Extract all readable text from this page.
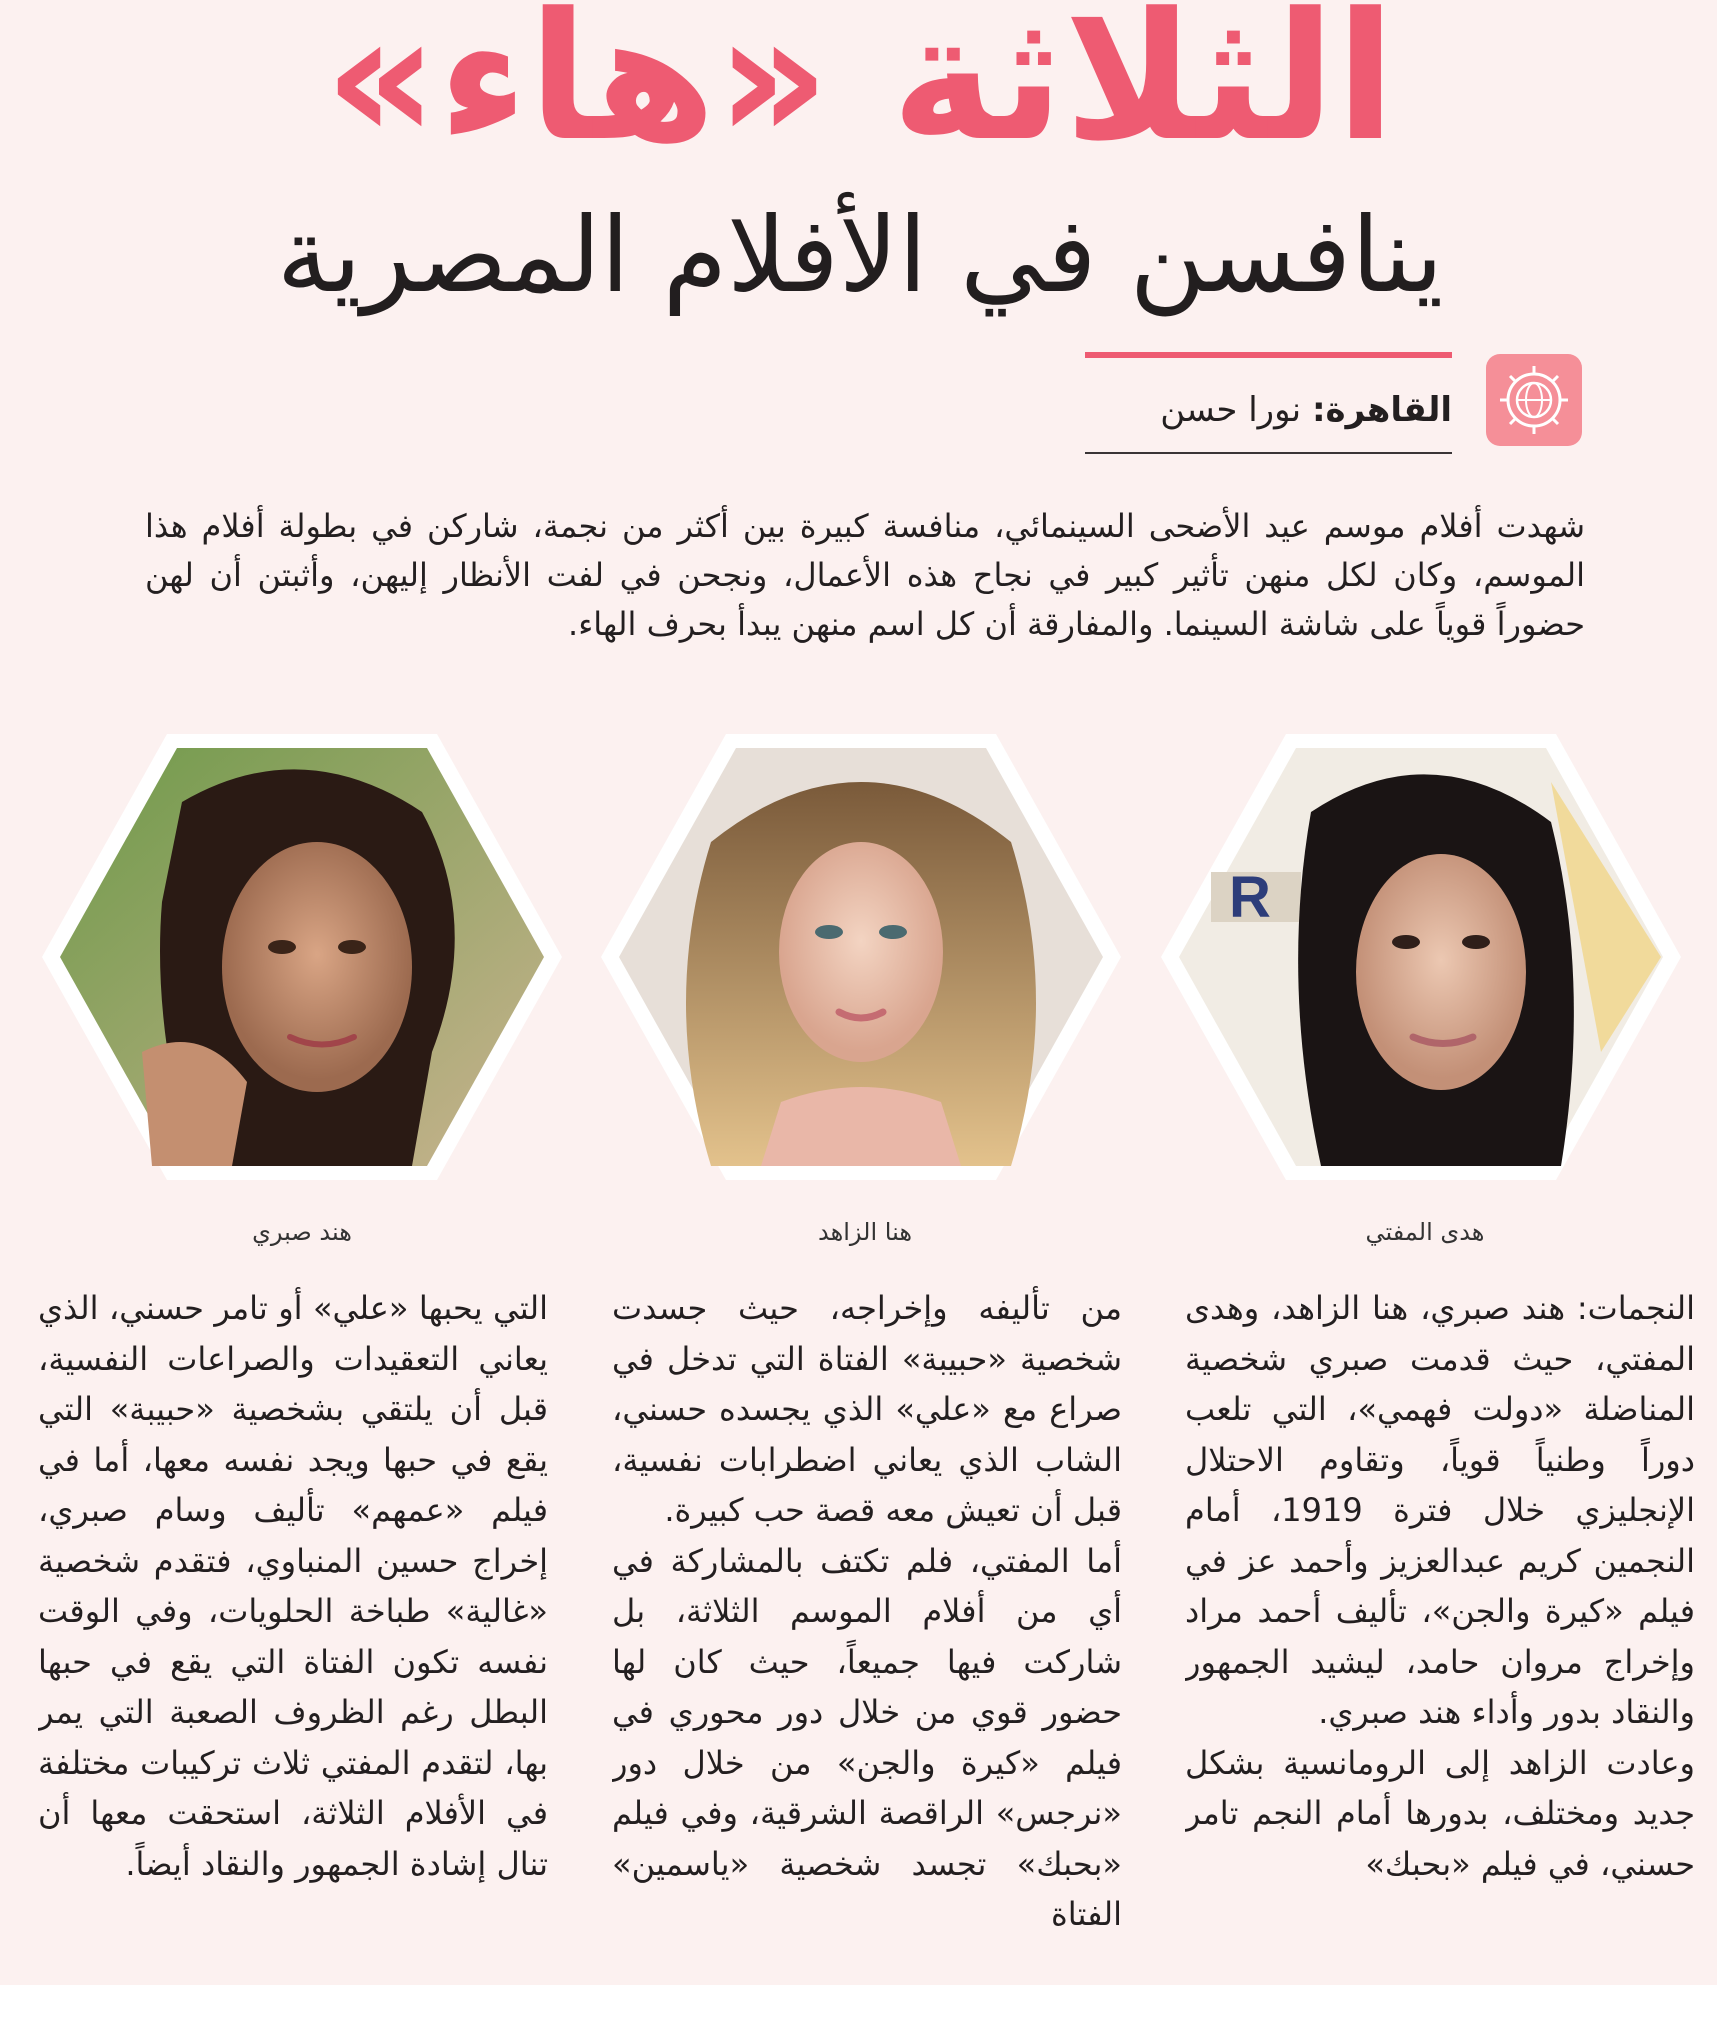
الثلاثة «هاء»
ينافسن في الأفلام المصرية
القاهرة: نورا حسن
شهدت أفلام موسم عيد الأضحى السينمائي، منافسة كبيرة بين أكثر من نجمة، شاركن في بطولة أفلام هذا الموسم، وكان لكل منهن تأثير كبير في نجاح هذه الأعمال، ونجحن في لفت الأنظار إليهن، وأثبتن أن لهن حضوراً قوياً على شاشة السينما. والمفارقة أن كل اسم منهن يبدأ بحرف الهاء.
R
هدى المفتي
هنا الزاهد
هند صبري

النجمات: هند صبري، هنا الزاهد، وهدى المفتي، حيث قدمت صبري شخصية المناضلة «دولت فهمي»، التي تلعب دوراً وطنياً قوياً، وتقاوم الاحتلال الإنجليزي خلال فترة 1919، أمام النجمين كريم عبدالعزيز وأحمد عز في فيلم «كيرة والجن»، تأليف أحمد مراد وإخراج مروان حامد، ليشيد الجمهور والنقاد بدور وأداء هند صبري.

وعادت الزاهد إلى الرومانسية بشكل جديد ومختلف، بدورها أمام النجم تامر حسني، في فيلم «بحبك»

من تأليفه وإخراجه، حيث جسدت شخصية «حبيبة» الفتاة التي تدخل في صراع مع «علي» الذي يجسده حسني، الشاب الذي يعاني اضطرابات نفسية، قبل أن تعيش معه قصة حب كبيرة.

أما المفتي، فلم تكتف بالمشاركة في أي من أفلام الموسم الثلاثة، بل شاركت فيها جميعاً، حيث كان لها حضور قوي من خلال دور محوري في فيلم «كيرة والجن» من خلال دور «نرجس» الراقصة الشرقية، وفي فيلم «بحبك» تجسد شخصية «ياسمين» الفتاة

التي يحبها «علي» أو تامر حسني، الذي يعاني التعقيدات والصراعات النفسية، قبل أن يلتقي بشخصية «حبيبة» التي يقع في حبها ويجد نفسه معها، أما في فيلم «عمهم» تأليف وسام صبري، إخراج حسين المنباوي، فتقدم شخصية «غالية» طباخة الحلويات، وفي الوقت نفسه تكون الفتاة التي يقع في حبها البطل رغم الظروف الصعبة التي يمر بها، لتقدم المفتي ثلاث تركيبات مختلفة في الأفلام الثلاثة، استحقت معها أن تنال إشادة الجمهور والنقاد أيضاً.
